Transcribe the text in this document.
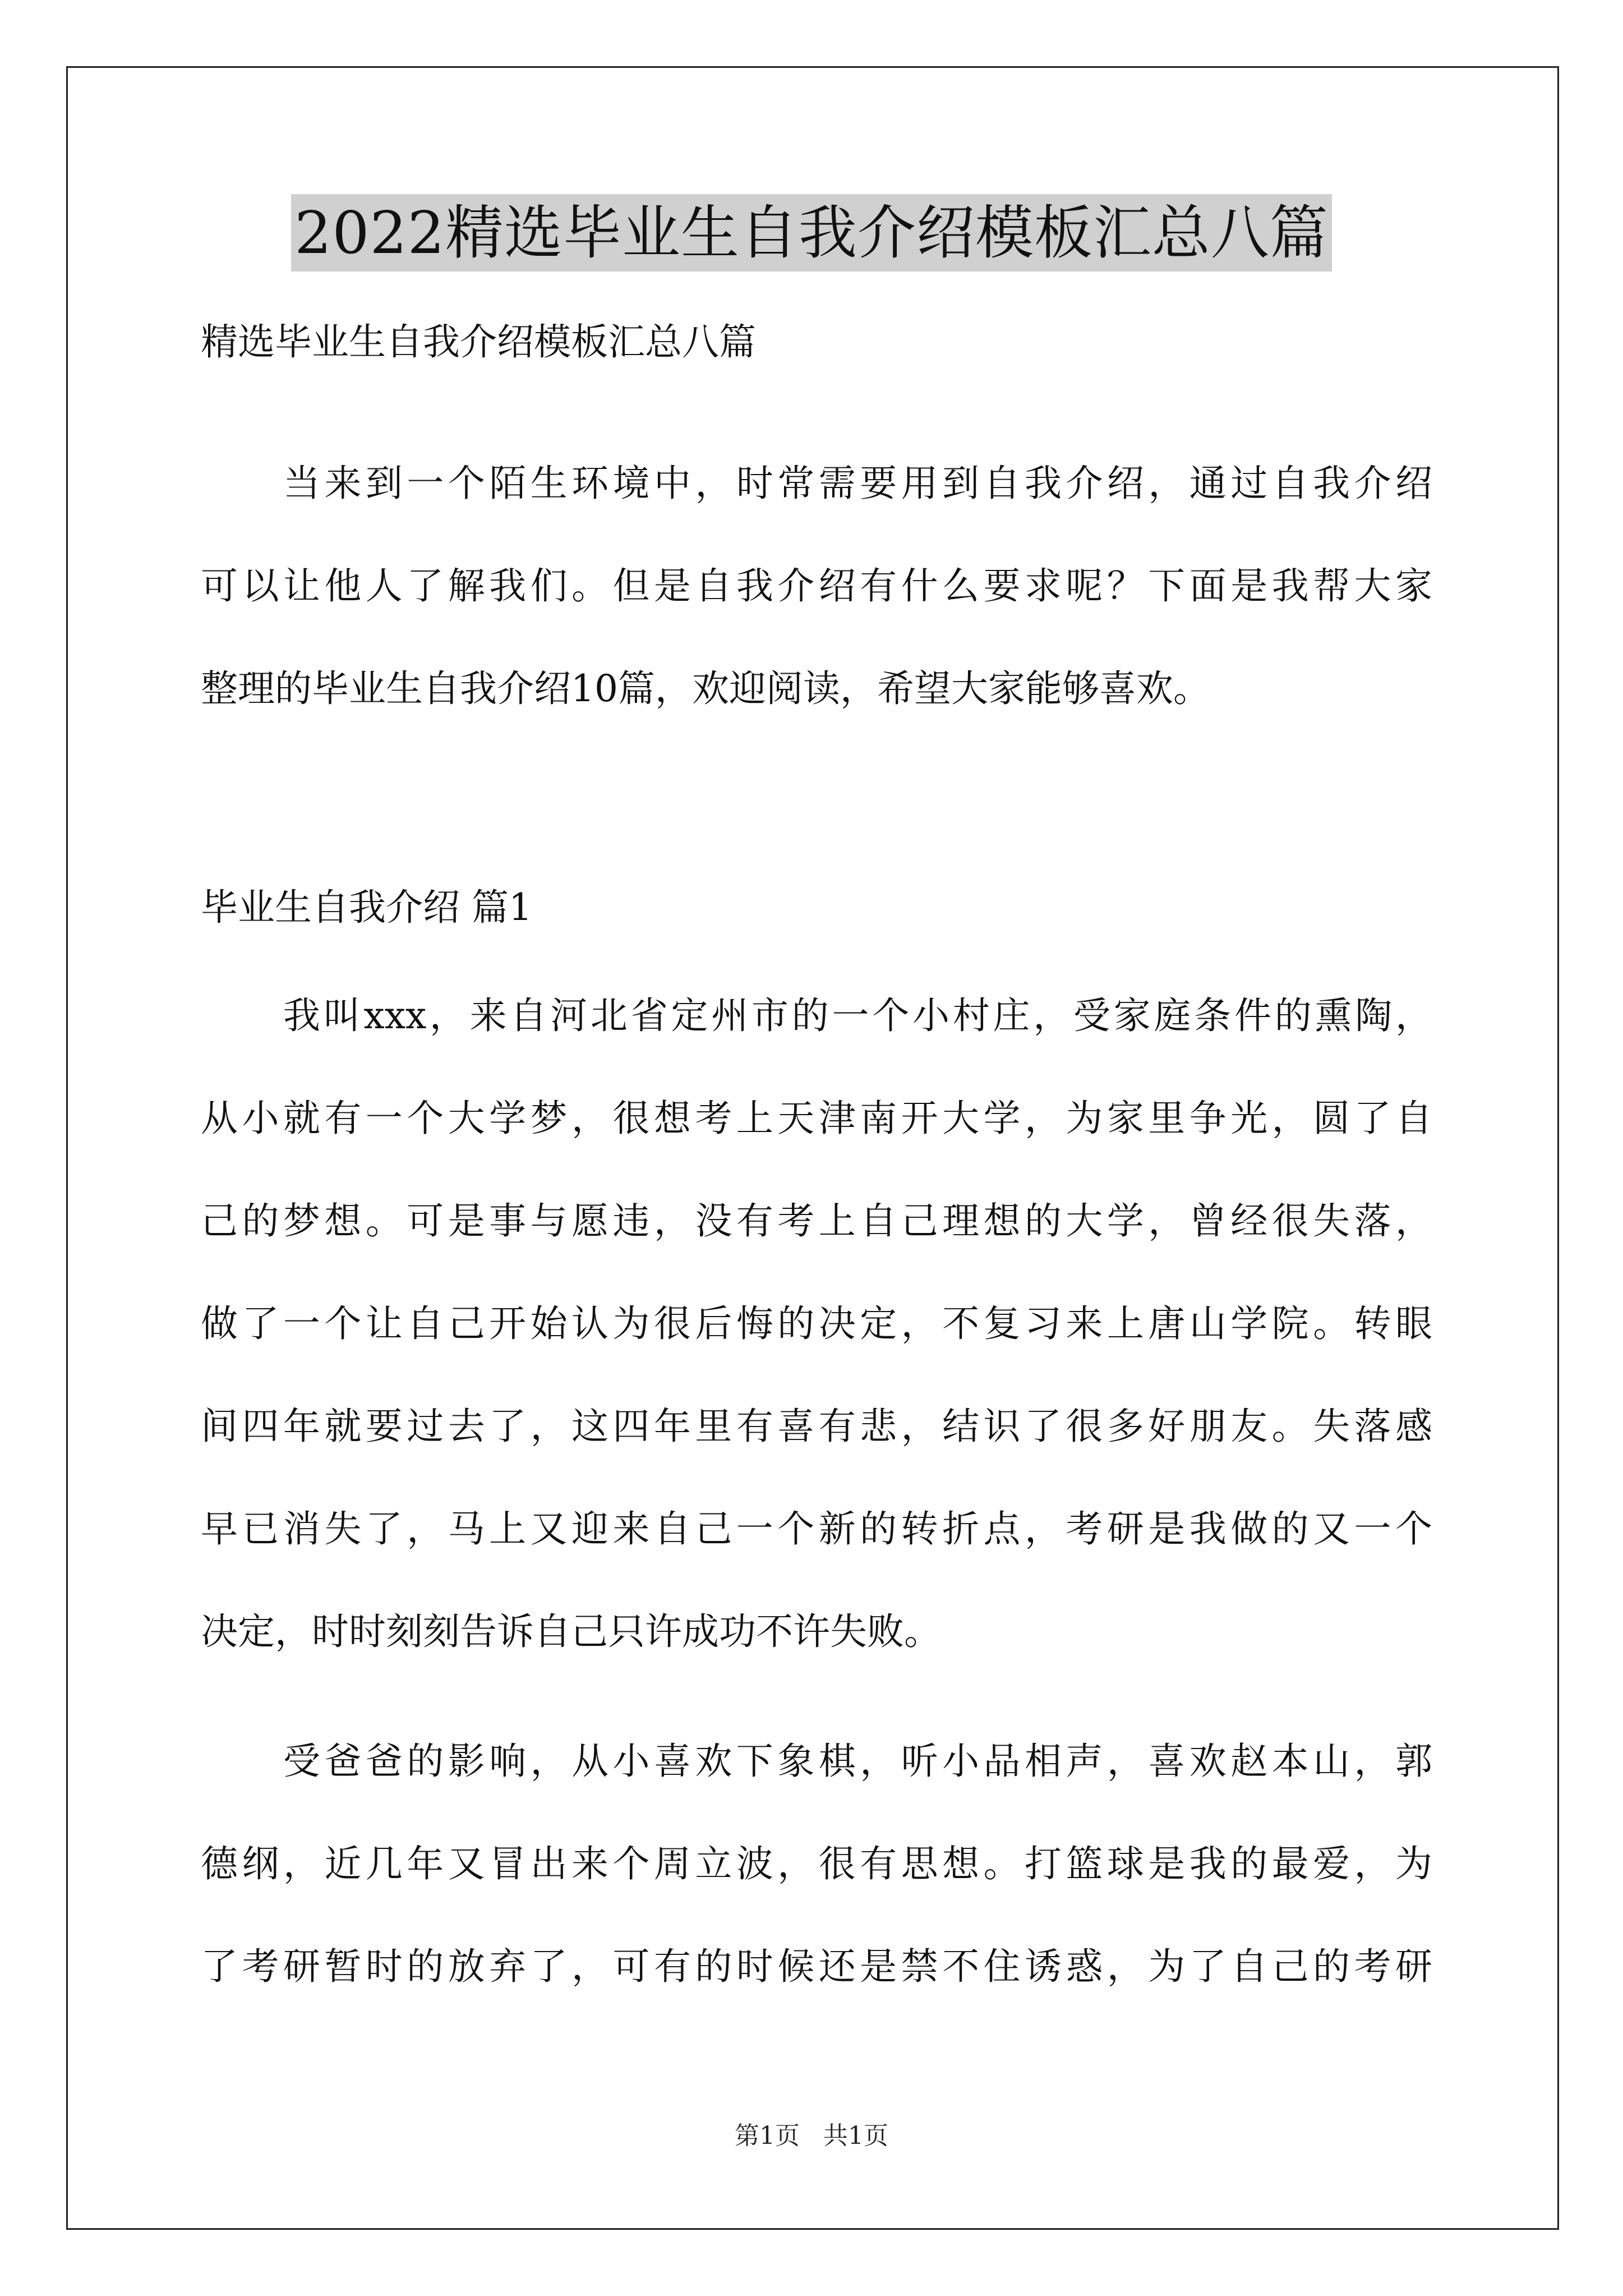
2022精选毕业生自我介绍模板汇总八篇
精选毕业生自我介绍模板汇总八篇
当来到一个陌生环境中，时常需要用到自我介绍，通过自我介绍
可以让他人了解我们。但是自我介绍有什么要求呢？下面是我帮大家
整理的毕业生自我介绍10篇，欢迎阅读，希望大家能够喜欢。
毕业生自我介绍 篇1
我叫xxx，来自河北省定州市的一个小村庄，受家庭条件的熏陶，
从小就有一个大学梦，很想考上天津南开大学，为家里争光，圆了自
己的梦想。可是事与愿违，没有考上自己理想的大学，曾经很失落，
做了一个让自己开始认为很后悔的决定，不复习来上唐山学院。转眼
间四年就要过去了，这四年里有喜有悲，结识了很多好朋友。失落感
早已消失了，马上又迎来自己一个新的转折点，考研是我做的又一个
决定，时时刻刻告诉自己只许成功不许失败。
受爸爸的影响，从小喜欢下象棋，听小品相声，喜欢赵本山，郭
德纲，近几年又冒出来个周立波，很有思想。打篮球是我的最爱，为
了考研暂时的放弃了，可有的时候还是禁不住诱惑，为了自己的考研
第1页   共1页
